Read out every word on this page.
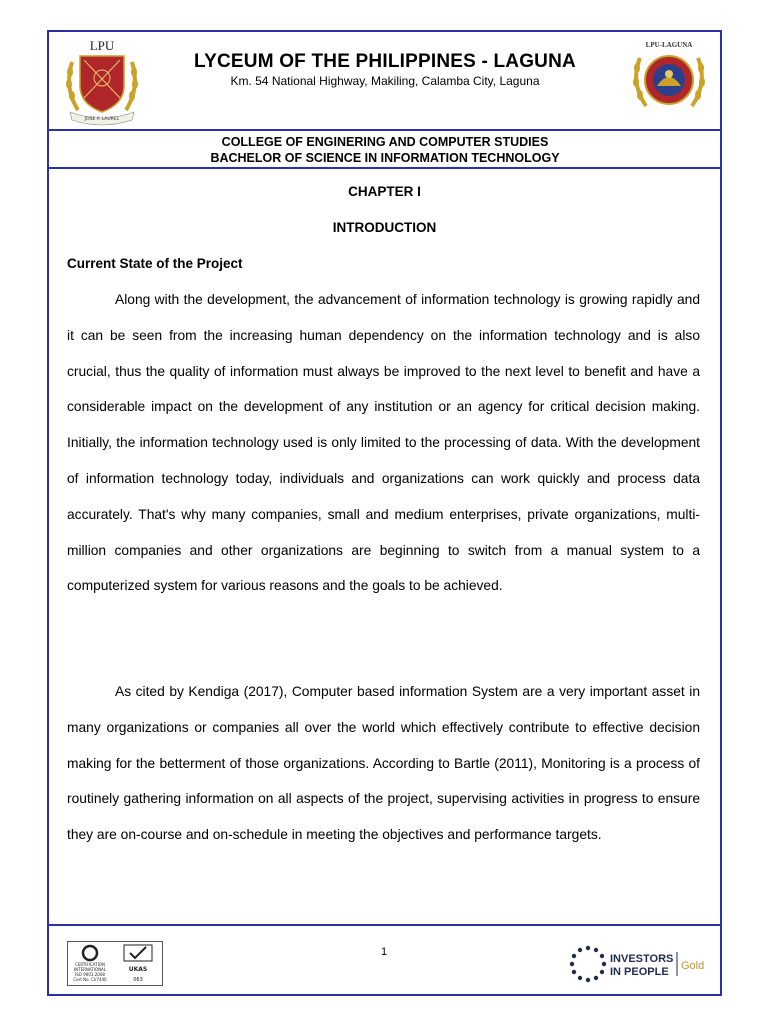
LPU
JOSE P. LAUREL
LPU-LAGUNA
LYCEUM OF THE PHILIPPINES - LAGUNA
Km. 54 National Highway, Makiling, Calamba City, Laguna
COLLEGE OF ENGINERING AND COMPUTER STUDIES
BACHELOR OF SCIENCE IN INFORMATION TECHNOLOGY
CHAPTER I
INTRODUCTION
Current State of the Project

Along with the development, the advancement of information technology is growing rapidly and it can be seen from the increasing human dependency on the information technology and is also crucial, thus the quality of information must always be improved to the next level to benefit and have a considerable impact on the development of any institution or an agency for critical decision making. Initially, the information technology used is only limited to the processing of data. With the development of information technology today, individuals and organizations can work quickly and process data accurately. That's why many companies, small and medium enterprises, private organizations, multi-million companies and other organizations are beginning to switch from a manual system to a computerized system for various reasons and the goals to be achieved.

As cited by Kendiga (2017), Computer based information System are a very important asset in many organizations or companies all over the world which effectively contribute to effective decision making for the betterment of those organizations. According to Bartle (2011), Monitoring is a process of routinely gathering information on all aspects of the project, supervising activities in progress to ensure they are on-course and on-schedule in meeting the objectives and performance targets.

CERTIFICATION
INTERNATIONAL
ISO 9001:2008
Cert No. CI/7440
UKAS
063
1
INVESTORS
IN PEOPLE Gold
